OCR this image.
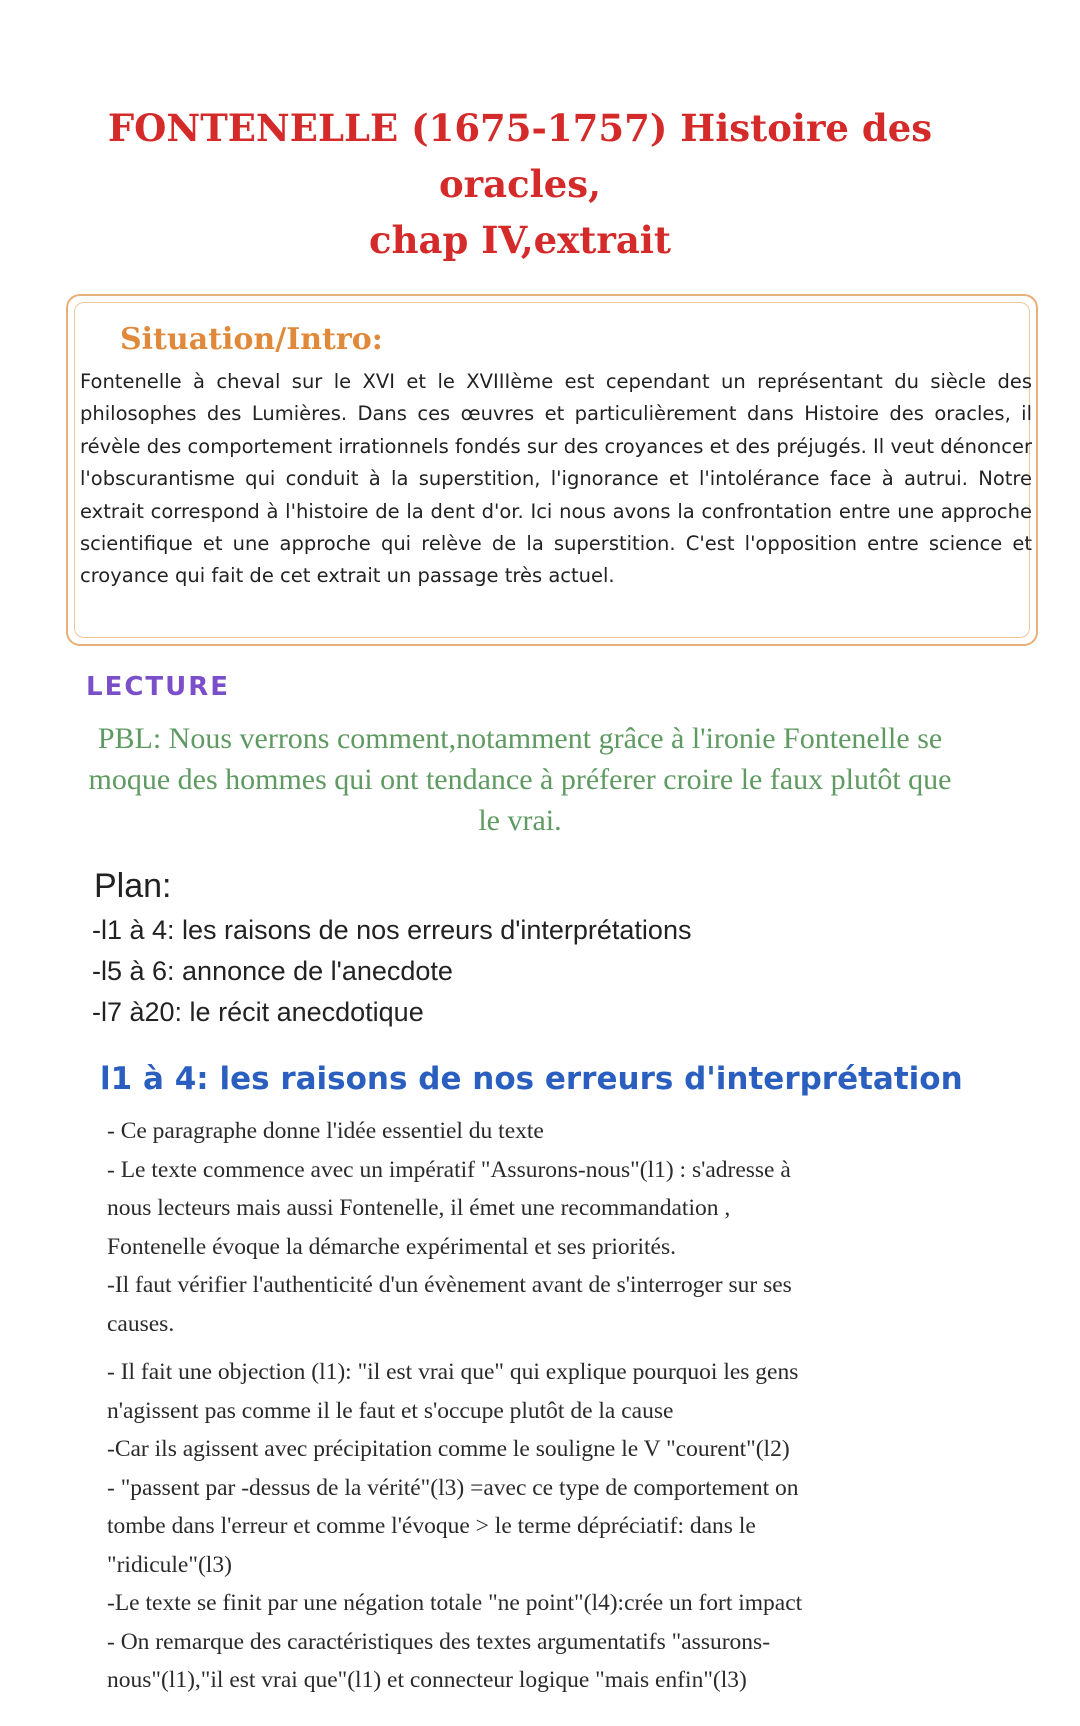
FONTENELLE (1675-1757) Histoire des oracles,
chap IV,extrait
Situation/Intro:

Fontenelle à cheval sur le XVI et le XVIIIème est cependant un représentant du siècle des philosophes des Lumières. Dans ces œuvres et particulièrement dans Histoire des oracles, il révèle des comportement irrationnels fondés sur des croyances et des préjugés. Il veut dénoncer l'obscurantisme qui conduit à la superstition, l'ignorance et l'intolérance face à autrui. Notre extrait correspond à l'histoire de la dent d'or. Ici nous avons la confrontation entre une approche scientifique et une approche qui relève de la superstition. C'est l'opposition entre science et croyance qui fait de cet extrait un passage très actuel.

LECTURE

PBL: Nous verrons comment,notamment grâce à l'ironie Fontenelle se moque des hommes qui ont tendance à préferer croire le faux plutôt que le vrai.

Plan:
-l1 à 4: les raisons de nos erreurs d'interprétations
-l5 à 6: annonce de l'anecdote
-l7 à20: le récit anecdotique
l1 à 4: les raisons de nos erreurs d'interprétation
- Ce paragraphe donne l'idée essentiel du texte
- Le texte commence avec un impératif "Assurons-nous"(l1) : s'adresse à
nous lecteurs mais aussi Fontenelle, il émet une recommandation ,
Fontenelle évoque la démarche expérimental et ses priorités.
-Il faut vérifier l'authenticité d'un évènement avant de s'interroger sur ses
causes.
- Il fait une objection (l1): "il est vrai que" qui explique pourquoi les gens
n'agissent pas comme il le faut et s'occupe plutôt de la cause
-Car ils agissent avec précipitation comme le souligne le V "courent"(l2)
- "passent par -dessus de la vérité"(l3) =avec ce type de comportement on
tombe dans l'erreur et comme l'évoque > le terme dépréciatif: dans le
"ridicule"(l3)
-Le texte se finit par une négation totale "ne point"(l4):crée un fort impact
- On remarque des caractéristiques des textes argumentatifs "assurons-
nous"(l1),"il est vrai que"(l1) et connecteur logique "mais enfin"(l3)
